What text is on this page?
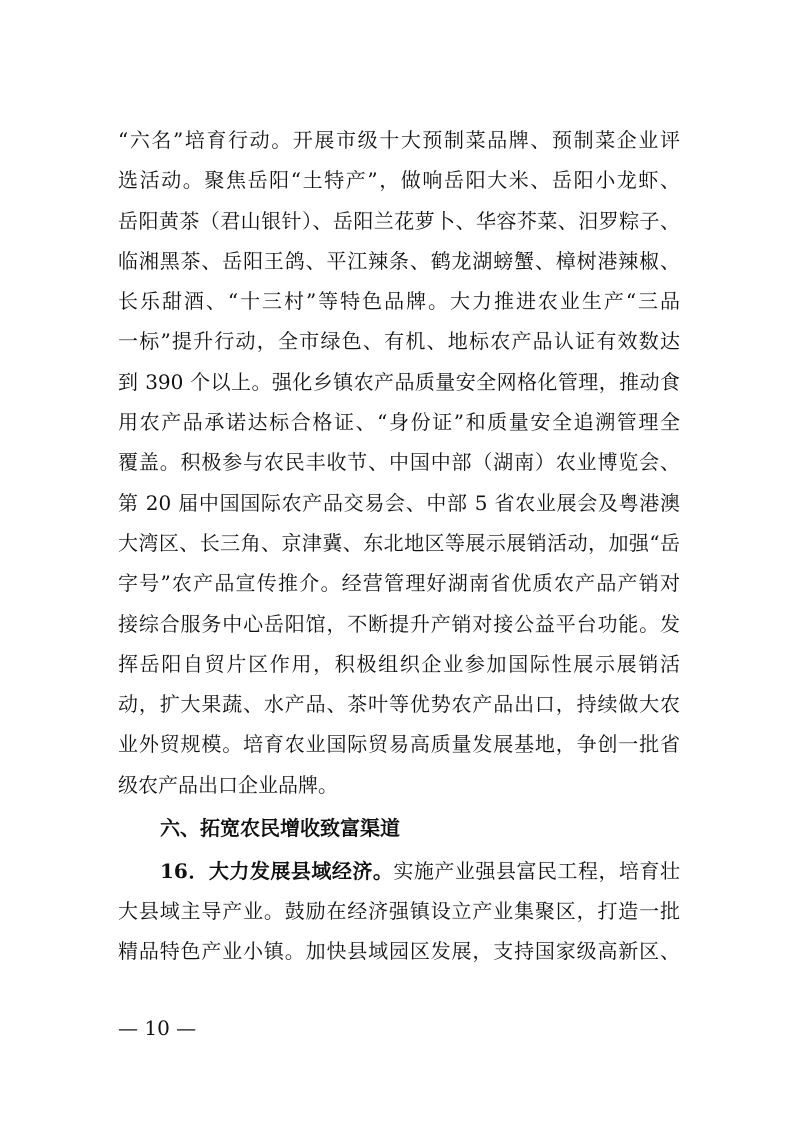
“六名”培育行动。开展市级十大预制菜品牌、预制菜企业评
选活动。聚焦岳阳“土特产”，做响岳阳大米、岳阳小龙虾、
岳阳黄茶（君山银针）、岳阳兰花萝卜、华容芥菜、汨罗粽子、
临湘黑茶、岳阳王鸽、平江辣条、鹤龙湖螃蟹、樟树港辣椒、
长乐甜酒、“十三村”等特色品牌。大力推进农业生产“三品
一标”提升行动，全市绿色、有机、地标农产品认证有效数达
到 390 个以上。强化乡镇农产品质量安全网格化管理，推动食
用农产品承诺达标合格证、“身份证”和质量安全追溯管理全
覆盖。积极参与农民丰收节、中国中部（湖南）农业博览会、
第 20 届中国国际农产品交易会、中部 5 省农业展会及粤港澳
大湾区、长三角、京津冀、东北地区等展示展销活动，加强“岳
字号”农产品宣传推介。经营管理好湖南省优质农产品产销对
接综合服务中心岳阳馆，不断提升产销对接公益平台功能。发
挥岳阳自贸片区作用，积极组织企业参加国际性展示展销活
动，扩大果蔬、水产品、茶叶等优势农产品出口，持续做大农
业外贸规模。培育农业国际贸易高质量发展基地，争创一批省
级农产品出口企业品牌。
六、拓宽农民增收致富渠道
16．大力发展县域经济。实施产业强县富民工程，培育壮
大县域主导产业。鼓励在经济强镇设立产业集聚区，打造一批
精品特色产业小镇。加快县域园区发展，支持国家级高新区、
— 10 —
